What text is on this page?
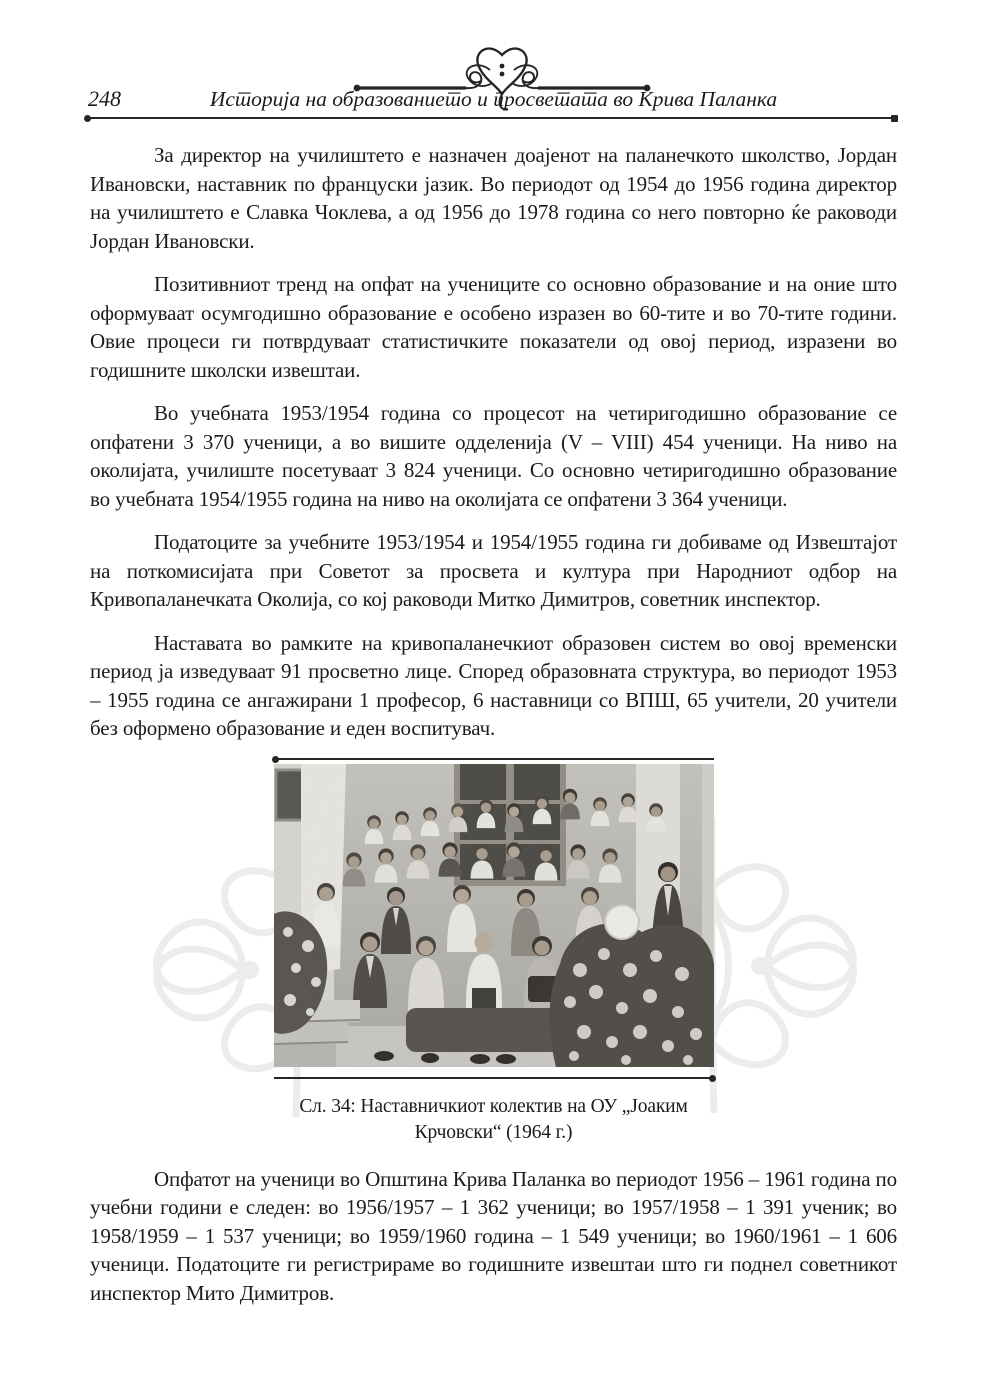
248	Историја на образованието и просветата во Крива Паланка

За директор на училиштето е назначен доајенот на паланечкото школство, Јордан Ивановски, наставник по француски јазик. Во периодот од 1954 до 1956 година директор на училиштето е Славка Чоклева, а од 1956 до 1978 година со него повторно ќе раководи Јордан Ивановски.

Позитивниот тренд на опфат на учениците со основно образование и на оние што оформуваат осумгодишно образование е особено изразен во 60-тите и во 70-тите години. Овие процеси ги потврдуваат статистичките показатели од овој период, изразени во годишните школски извештаи.

Во учебната 1953/1954 година со процесот на четиригодишно образование се опфатени 3 370 ученици, а во вишите одделенија (V – VIII) 454 ученици. На ниво на околијата, училиште посетуваат 3 824 ученици. Со основно четиригодишно образование во учебната 1954/1955 година на ниво на околијата се опфатени 3 364 ученици.

Податоците за учебните 1953/1954 и 1954/1955 година ги добиваме од Извештајот на поткомисијата при Советот за просвета и култура при Народниот одбор на Кривопаланечката Околија, со кој раководи Митко Димитров, советник инспектор.

Наставата во рамките на кривопаланечкиот образовен систем во овој временски период ја изведуваат 91 просветно лице. Според образовната структура, во периодот 1953 – 1955 година се ангажирани 1 професор, 6 наставници со ВПШ, 65 учители, 20 учители без оформено образование и еден воспитувач.

Сл. 34: Наставничкиот колектив на ОУ „Јоаким Крчовски“ (1964 г.)

Опфатот на ученици во Општина Крива Паланка во периодот 1956 – 1961 година по учебни години е следен: во 1956/1957 – 1 362 ученици; во 1957/1958 – 1 391 ученик; во 1958/1959 – 1 537 ученици; во 1959/1960 година – 1 549 ученици; во 1960/1961 – 1 606 ученици. Податоците ги регистрираме во годишните извештаи што ги поднел советникот инспектор Мито Димитров.
